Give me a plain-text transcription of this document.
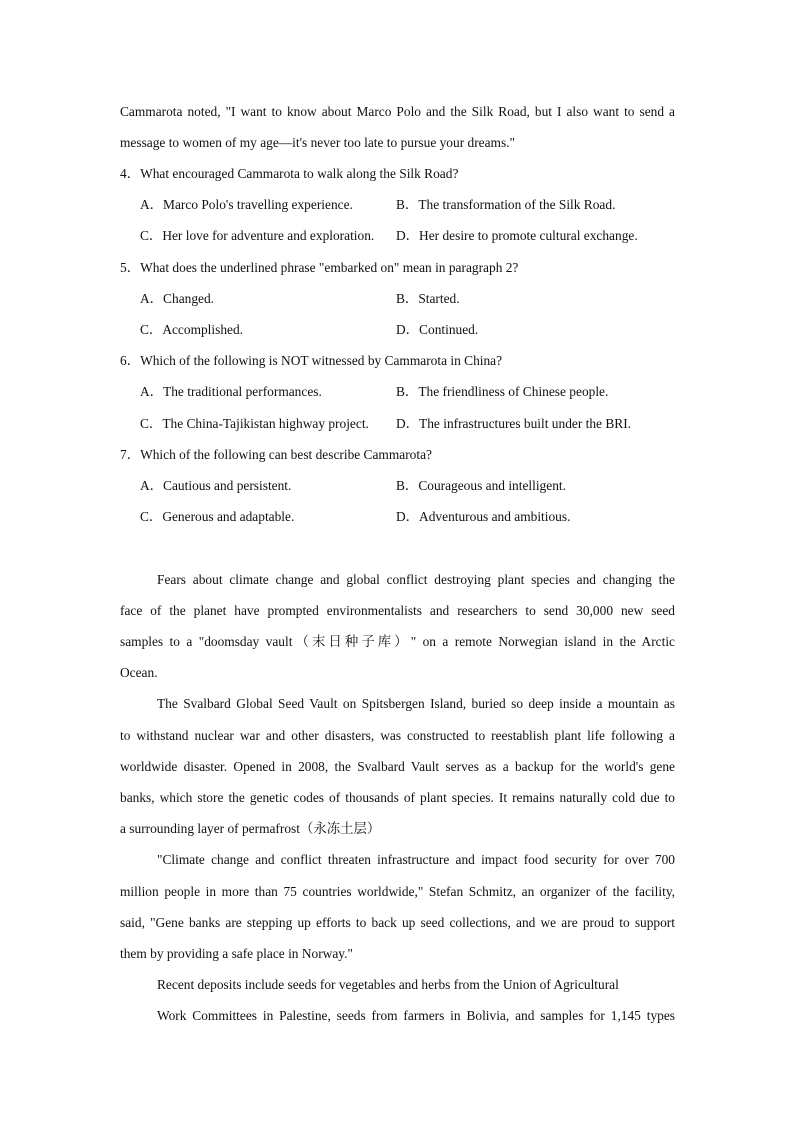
Cammarota noted, "I want to know about Marco Polo and the Silk Road, but I also want to send a
message to women of my age—it's never too late to pursue your dreams."
4．What encouraged Cammarota to walk along the Silk Road?
A．Marco Polo's travelling experience.	B．The transformation of the Silk Road.
C．Her love for adventure and exploration. D．Her desire to promote cultural exchange.
5．What does the underlined phrase "embarked on" mean in paragraph 2?
A．Changed.	B．Started.
C．Accomplished.	D．Continued.
6．Which of the following is NOT witnessed by Cammarota in China?
A．The traditional performances.	B．The friendliness of Chinese people.
C．The China-Tajikistan highway project. D．The infrastructures built under the BRI.
7．Which of the following can best describe Cammarota?
A．Cautious and persistent.	B．Courageous and intelligent.
C．Generous and adaptable.	D．Adventurous and ambitious.
Fears about climate change and global conflict destroying plant species and changing the
face of the planet have prompted environmentalists and researchers to send 30,000 new seed
samples to a "doomsday vault（末日种子库）" on a remote Norwegian island in the Arctic
Ocean.
The Svalbard Global Seed Vault on Spitsbergen Island, buried so deep inside a mountain as
to withstand nuclear war and other disasters, was constructed to reestablish plant life following a
worldwide disaster. Opened in 2008, the Svalbard Vault serves as a backup for the world's gene
banks, which store the genetic codes of thousands of plant species. It remains naturally cold due to
a surrounding layer of permafrost（永冻土层）
"Climate change and conflict threaten infrastructure and impact food security for over 700
million people in more than 75 countries worldwide," Stefan Schmitz, an organizer of the facility,
said, "Gene banks are stepping up efforts to back up seed collections, and we are proud to support
them by providing a safe place in Norway."
Recent deposits include seeds for vegetables and herbs from the Union of Agricultural
Work Committees in Palestine, seeds from farmers in Bolivia, and samples for 1,145 types
